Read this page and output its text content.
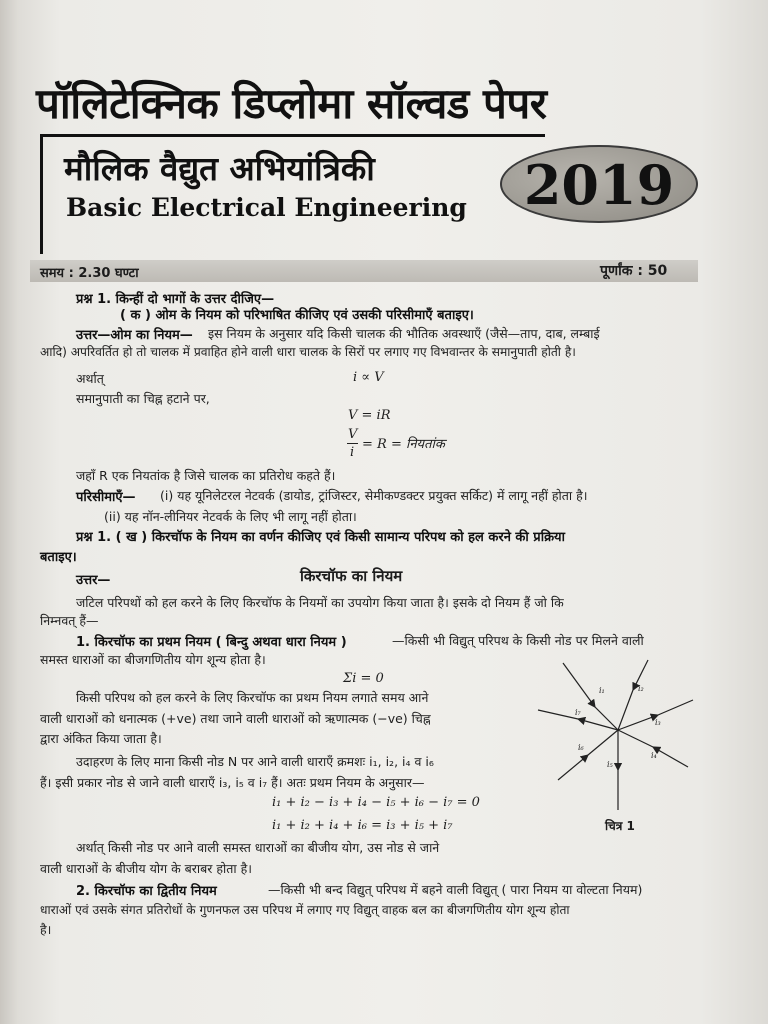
पॉलिटेक्निक डिप्लोमा सॉल्वड पेपर
मौलिक वैद्युत अभियांत्रिकी
Basic Electrical Engineering	2019
समय : 2.30 घण्टा	पूर्णांक : 50
प्रश्न 1. किन्हीं दो भागों के उत्तर दीजिए—
( क ) ओम के नियम को परिभाषित कीजिए एवं उसकी परिसीमाएँ बताइए।
उत्तर—ओम का नियम— इस नियम के अनुसार यदि किसी चालक की भौतिक अवस्थाएँ (जैसे—ताप, दाब, लम्बाई
आदि) अपरिवर्तित हो तो चालक में प्रवाहित होने वाली धारा चालक के सिरों पर लगाए गए विभवान्तर के समानुपाती होती है।
अर्थात्	i ∝ V
समानुपाती का चिह्न हटाने पर,
V = iR
V
i
= R = नियतांक
जहाँ R एक नियतांक है जिसे चालक का प्रतिरोध कहते हैं।
परिसीमाएँ— (i) यह यूनिलेटरल नेटवर्क (डायोड, ट्रांजिस्टर, सेमीकण्डक्टर प्रयुक्त सर्किट) में लागू नहीं होता है।
(ii) यह नॉन-लीनियर नेटवर्क के लिए भी लागू नहीं होता।
प्रश्न 1. ( ख ) किरचॉफ के नियम का वर्णन कीजिए एवं किसी सामान्य परिपथ को हल करने की प्रक्रिया
बताइए।
उत्तर—	किरचॉफ का नियम
जटिल परिपथों को हल करने के लिए किरचॉफ के नियमों का उपयोग किया जाता है। इसके दो नियम हैं जो कि
निम्नवत् हैं—
1. किरचॉफ का प्रथम नियम ( बिन्दु अथवा धारा नियम )	—किसी भी विद्युत् परिपथ के किसी नोड पर मिलने वाली
समस्त धाराओं का बीजगणितीय योग शून्य होता है।
Σi = 0
किसी परिपथ को हल करने के लिए किरचॉफ का प्रथम नियम लगाते समय आने
वाली धाराओं को धनात्मक (+ve) तथा जाने वाली धाराओं को ऋणात्मक (−ve) चिह्न
द्वारा अंकित किया जाता है।
उदाहरण के लिए माना किसी नोड N पर आने वाली धाराएँ क्रमशः i₁, i₂, i₄ व i₆
हैं। इसी प्रकार नोड से जाने वाली धाराएँ i₃, i₅ व i₇ हैं। अतः प्रथम नियम के अनुसार—
i₁ + i₂ − i₃ + i₄ − i₅ + i₆ − i₇ = 0
i₁ + i₂ + i₄ + i₆ = i₃ + i₅ + i₇
अर्थात् किसी नोड पर आने वाली समस्त धाराओं का बीजीय योग, उस नोड से जाने
वाली धाराओं के बीजीय योग के बराबर होता है।
2. किरचॉफ का द्वितीय नियम	—किसी भी बन्द विद्युत् परिपथ में बहने वाली विद्युत् ( पारा नियम या वोल्टता नियम)
धाराओं एवं उसके संगत प्रतिरोधों के गुणनफल उस परिपथ में लगाए गए विद्युत् वाहक बल का बीजगणितीय योग शून्य होता
है।
i₁	i₂
i₃
i₄
i₅
i₆
i₇
चित्र 1
